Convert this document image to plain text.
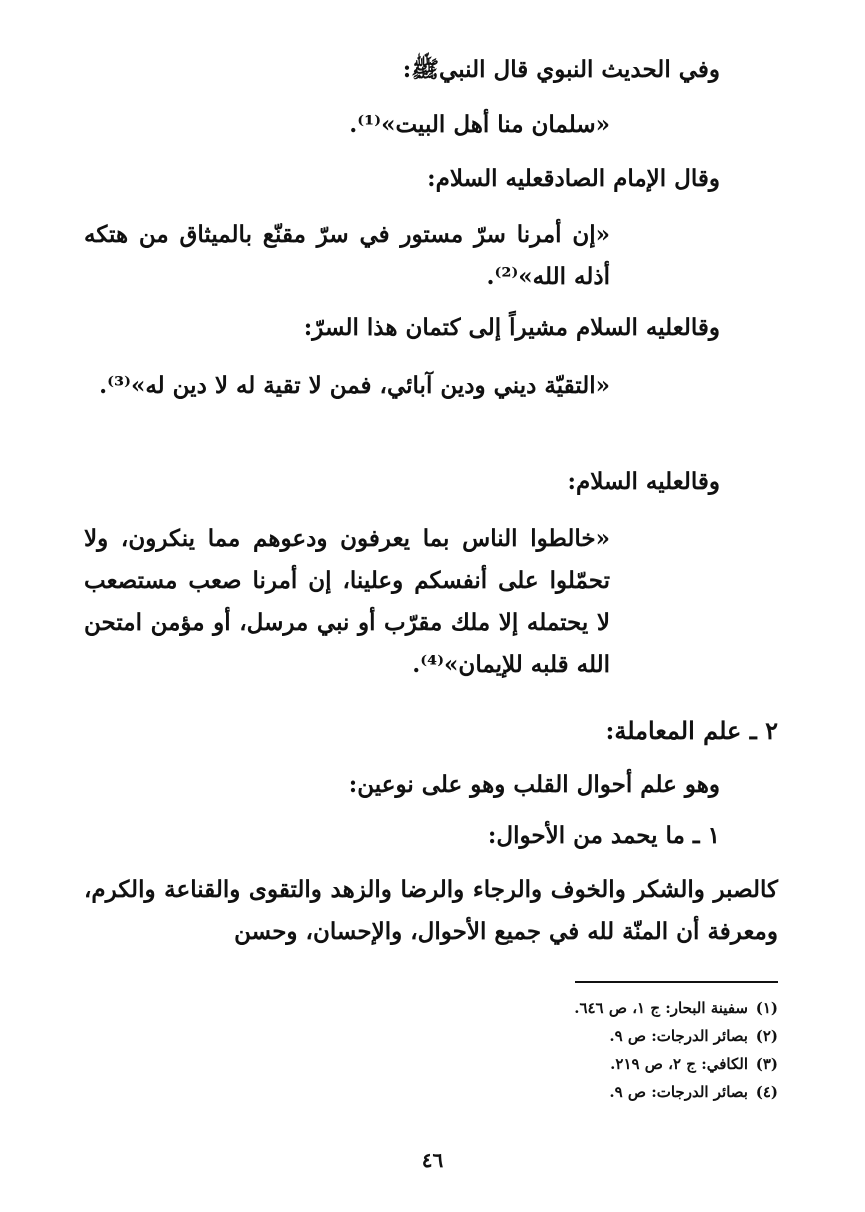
وفي الحديث النبوي قال النبيﷺ:
«سلمان منا أهل البيت»⁽¹⁾.
وقال الإمام الصادقعليه السلام:
«إن أمرنا سرّ مستور في سرّ مقنّع بالميثاق من هتكه أذله الله»⁽²⁾.
وقالعليه السلام مشيراً إلى كتمان هذا السرّ:
«التقيّة ديني ودين آبائي، فمن لا تقية له لا دين له»⁽³⁾.
وقالعليه السلام:
«خالطوا الناس بما يعرفون ودعوهم مما ينكرون، ولا تحمّلوا على أنفسكم وعلينا، إن أمرنا صعب مستصعب لا يحتمله إلا ملك مقرّب أو نبي مرسل، أو مؤمن امتحن الله قلبه للإيمان»⁽⁴⁾.
٢ ـ علم المعاملة:
وهو علم أحوال القلب وهو على نوعين:
١ ـ ما يحمد من الأحوال:
كالصبر والشكر والخوف والرجاء والرضا والزهد والتقوى والقناعة والكرم، ومعرفة أن المنّة لله في جميع الأحوال، والإحسان، وحسن
(١)سفينة البحار: ج ١، ص ٦٤٦.
(٢)بصائر الدرجات: ص ٩.
(٣)الكافي: ج ٢، ص ٢١٩.
(٤)بصائر الدرجات: ص ٩.
٤٦
